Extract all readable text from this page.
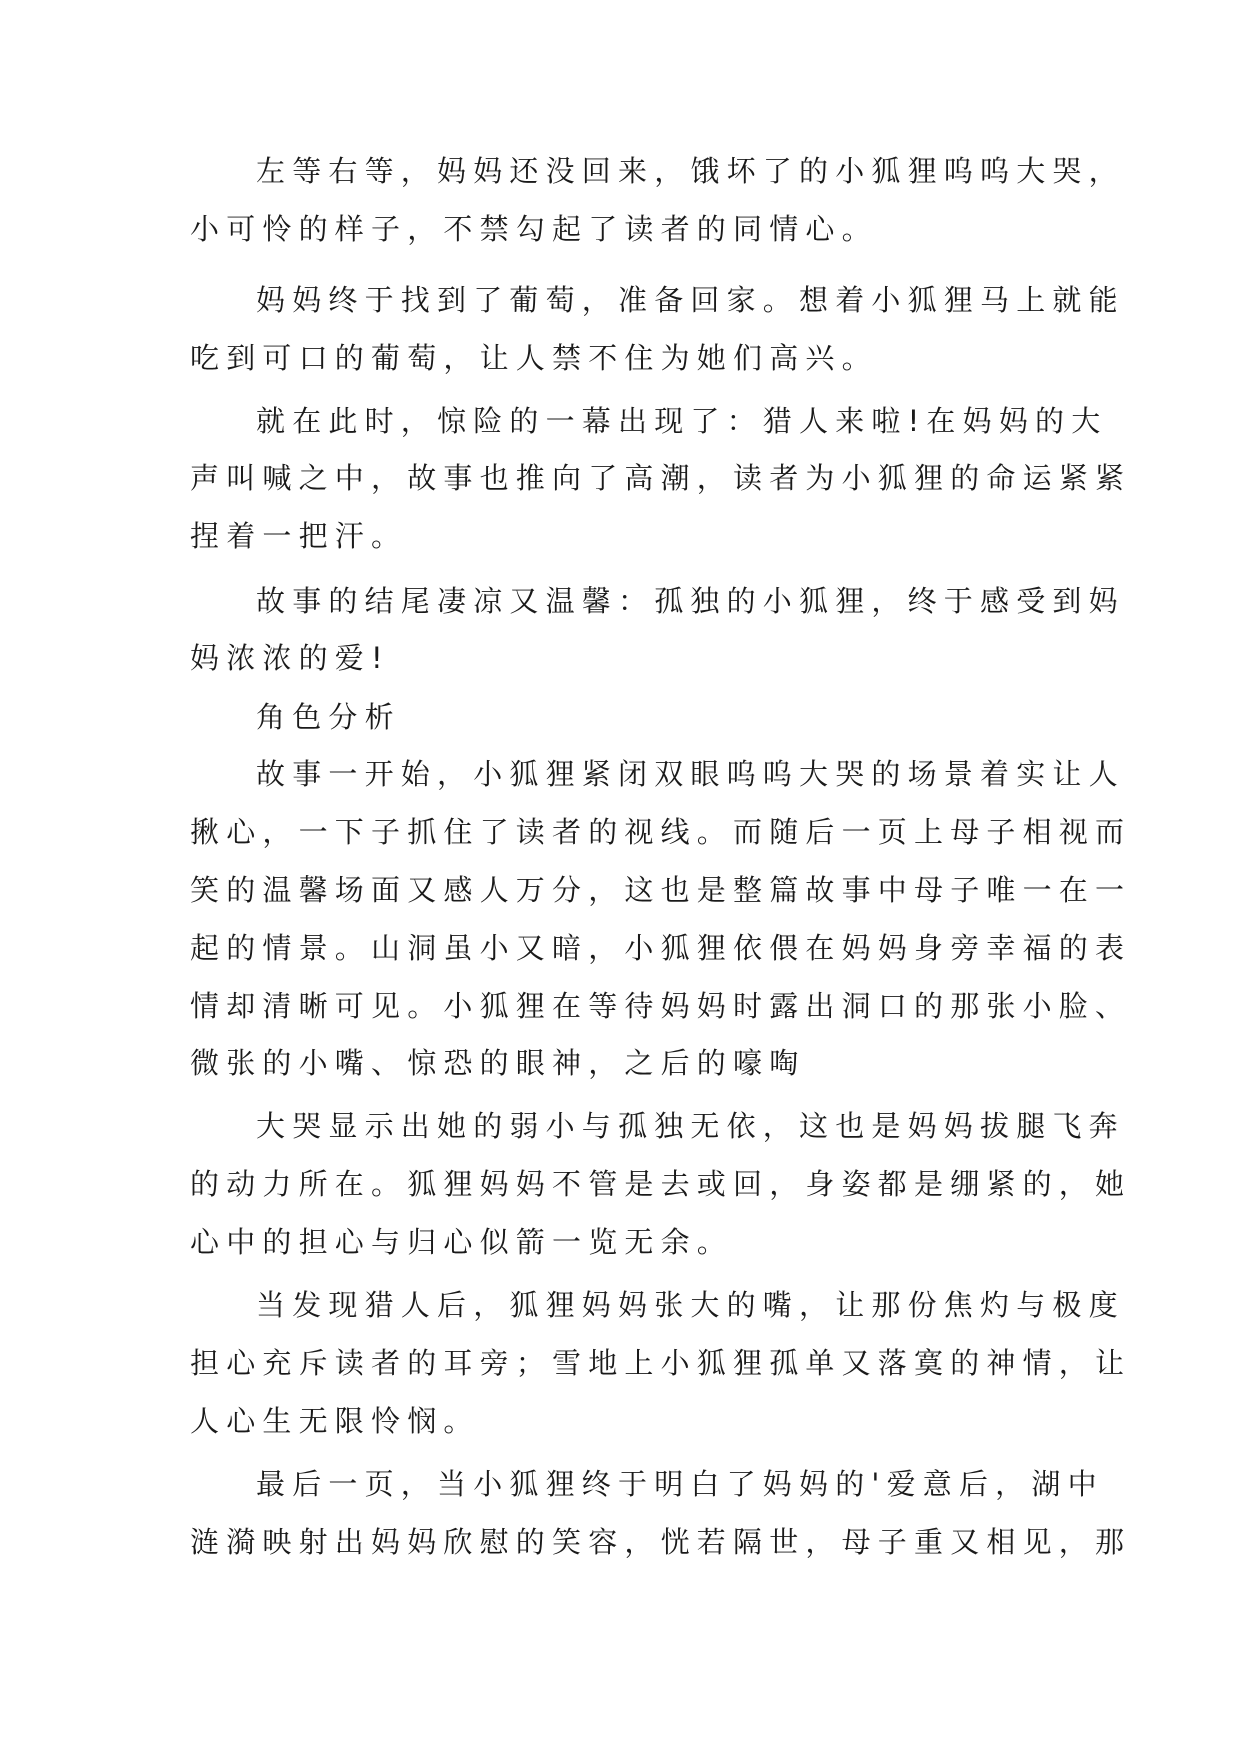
左等右等，妈妈还没回来，饿坏了的小狐狸呜呜大哭，
小可怜的样子，不禁勾起了读者的同情心。
妈妈终于找到了葡萄，准备回家。想着小狐狸马上就能
吃到可口的葡萄，让人禁不住为她们高兴。
就在此时，惊险的一幕出现了：猎人来啦!在妈妈的大
声叫喊之中，故事也推向了高潮，读者为小狐狸的命运紧紧
捏着一把汗。
故事的结尾凄凉又温馨：孤独的小狐狸，终于感受到妈
妈浓浓的爱!
角色分析
故事一开始，小狐狸紧闭双眼呜呜大哭的场景着实让人
揪心，一下子抓住了读者的视线。而随后一页上母子相视而
笑的温馨场面又感人万分，这也是整篇故事中母子唯一在一
起的情景。山洞虽小又暗，小狐狸依偎在妈妈身旁幸福的表
情却清晰可见。小狐狸在等待妈妈时露出洞口的那张小脸、
微张的小嘴、惊恐的眼神，之后的嚎啕
大哭显示出她的弱小与孤独无依，这也是妈妈拔腿飞奔
的动力所在。狐狸妈妈不管是去或回，身姿都是绷紧的，她
心中的担心与归心似箭一览无余。
当发现猎人后，狐狸妈妈张大的嘴，让那份焦灼与极度
担心充斥读者的耳旁；雪地上小狐狸孤单又落寞的神情，让
人心生无限怜悯。
最后一页，当小狐狸终于明白了妈妈的'爱意后，湖中
涟漪映射出妈妈欣慰的笑容，恍若隔世，母子重又相见，那
